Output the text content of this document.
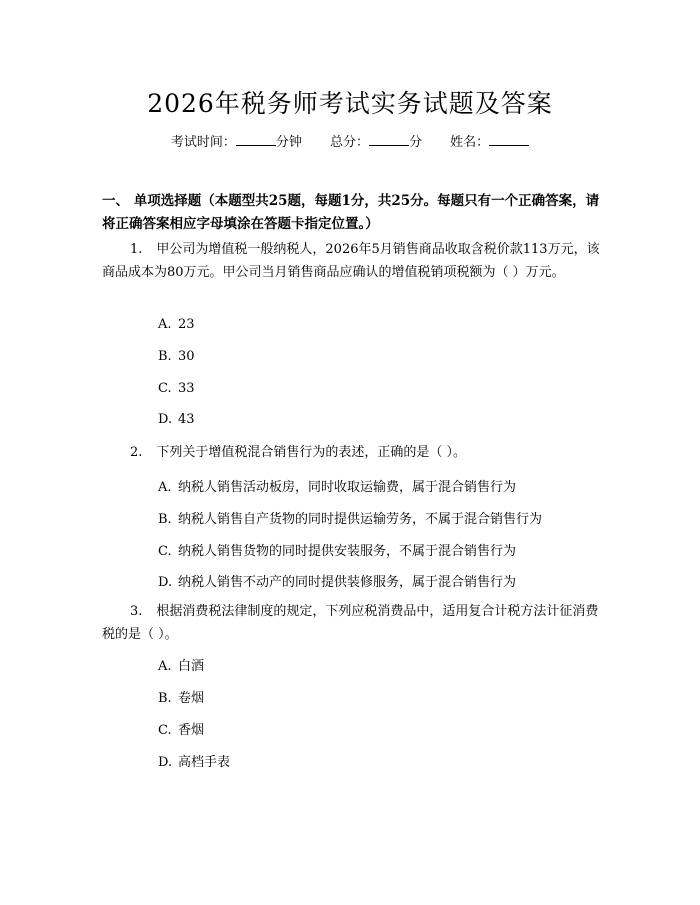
2026年税务师考试实务试题及答案
考试时间：	分钟 总分：	分 姓名：
一、 单项选择题（本题型共25题，每题1分，共25分。每题只有一个正确答案，请将正确答案相应字母填涂在答题卡指定位置。）
1. 甲公司为增值税一般纳税人，2026年5月销售商品收取含税价款113万元，该商品成本为80万元。甲公司当月销售商品应确认的增值税销项税额为（ ）万元。
A. 23
B. 30
C. 33
D. 43
2. 下列关于增值税混合销售行为的表述，正确的是（ ）。
A. 纳税人销售活动板房，同时收取运输费，属于混合销售行为
B. 纳税人销售自产货物的同时提供运输劳务，不属于混合销售行为
C. 纳税人销售货物的同时提供安装服务，不属于混合销售行为
D. 纳税人销售不动产的同时提供装修服务，属于混合销售行为
3. 根据消费税法律制度的规定，下列应税消费品中，适用复合计税方法计征消费税的是（ ）。
A. 白酒
B. 卷烟
C. 香烟
D. 高档手表
